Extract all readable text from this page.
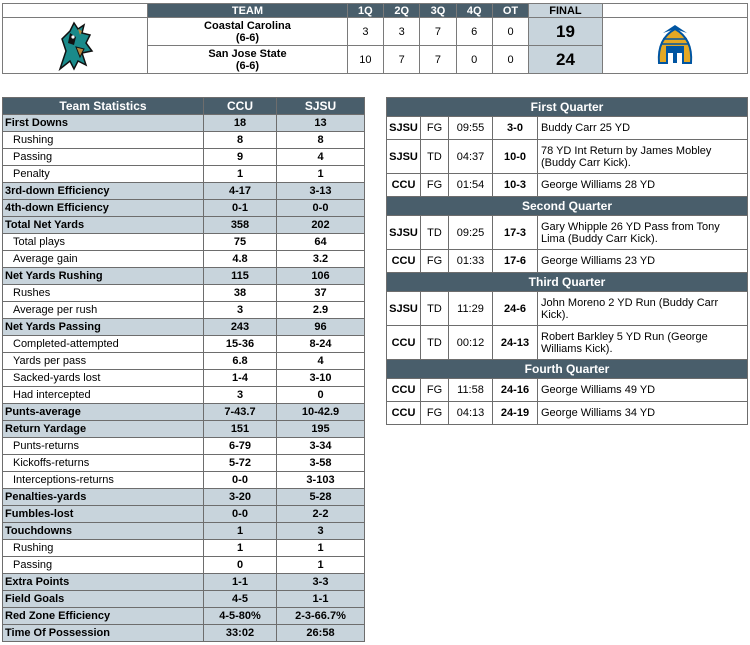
	TEAM	1Q	2Q	3Q	4Q	OT	FINAL	

Coastal Carolina
(6-6)	3	3	7	6	0	19	

	San Jose State
(6-6)	10	7	7	0	0	24	
Team Statistics	CCU	SJSU
First Downs	18	13
Rushing	8	8
Passing	9	4
Penalty	1	1
3rd-down Efficiency	4-17	3-13
4th-down Efficiency	0-1	0-0
Total Net Yards	358	202
Total plays	75	64
Average gain	4.8	3.2
Net Yards Rushing	115	106
Rushes	38	37
Average per rush	3	2.9
Net Yards Passing	243	96
Completed-attempted	15-36	8-24
Yards per pass	6.8	4
Sacked-yards lost	1-4	3-10
Had intercepted	3	0
Punts-average	7-43.7	10-42.9
Return Yardage	151	195
Punts-returns	6-79	3-34
Kickoffs-returns	5-72	3-58
Interceptions-returns	0-0	3-103
Penalties-yards	3-20	5-28
Fumbles-lost	0-0	2-2
Touchdowns	1	3
Rushing	1	1
Passing	0	1
Extra Points	1-1	3-3
Field Goals	4-5	1-1
Red Zone Efficiency	4-5-80%	2-3-66.7%
Time Of Possession	33:02	26:58
First Quarter				
SJSU	FG	09:55	3-0	Buddy Carr 25 YD
SJSU	TD	04:37	10-0	78 YD Int Return by James Mobley (Buddy Carr Kick).
CCU	FG	01:54	10-3	George Williams 28 YD
Second Quarter				
SJSU	TD	09:25	17-3	Gary Whipple 26 YD Pass from Tony Lima (Buddy Carr Kick).
CCU	FG	01:33	17-6	George Williams 23 YD
Third Quarter				
SJSU	TD	11:29	24-6	John Moreno 2 YD Run (Buddy Carr Kick).
CCU	TD	00:12	24-13	Robert Barkley 5 YD Run (George Williams Kick).
Fourth Quarter				
CCU	FG	11:58	24-16	George Williams 49 YD
CCU	FG	04:13	24-19	George Williams 34 YD
